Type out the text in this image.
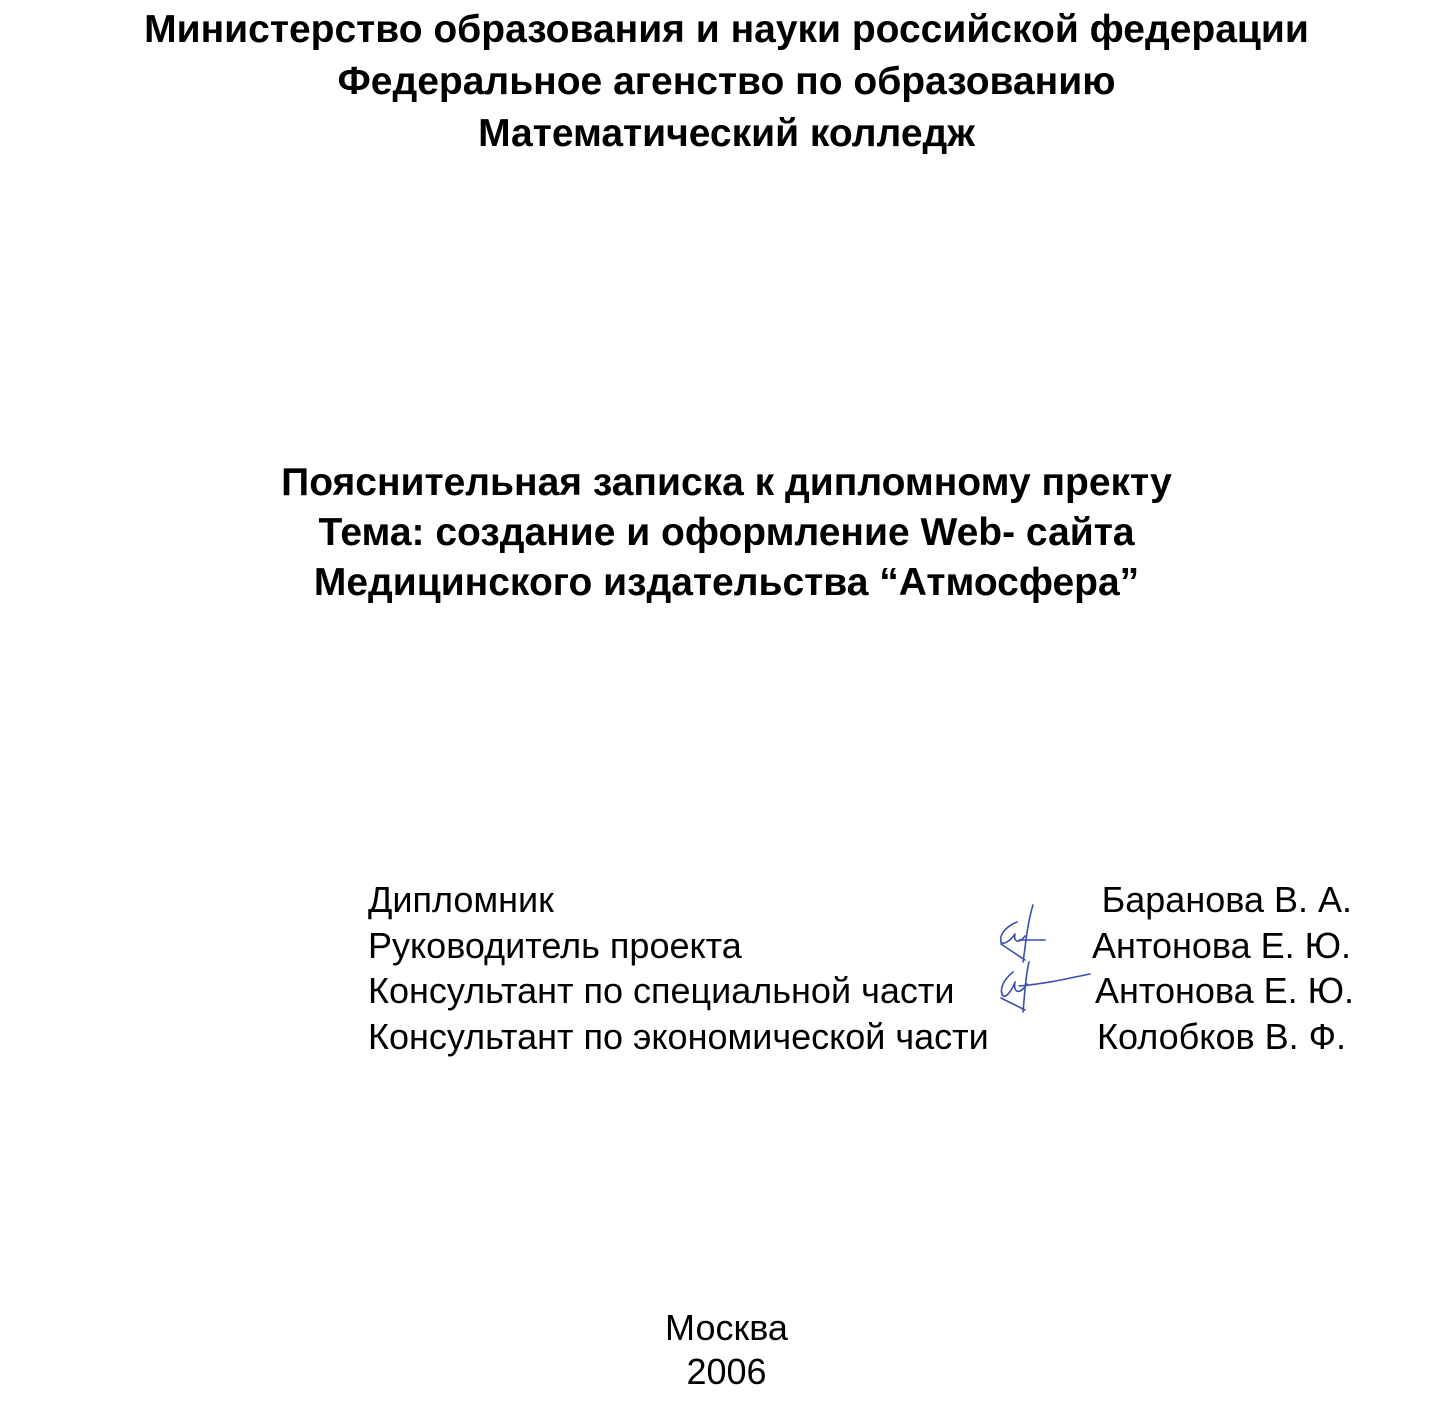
Министерство образования и науки российской федерации
Федеральное агенство по образованию
Математический колледж
Пояснительная записка к дипломному пректу
Тема: создание и оформление Web- сайта
Медицинского издательства “Атмосфера”
Дипломник	Баранова В. А.
Руководитель проекта	Антонова Е. Ю.
Консультант по специальной части	Антонова Е. Ю.
Консультант по экономической части	Колобков В. Ф.
Москва
2006
